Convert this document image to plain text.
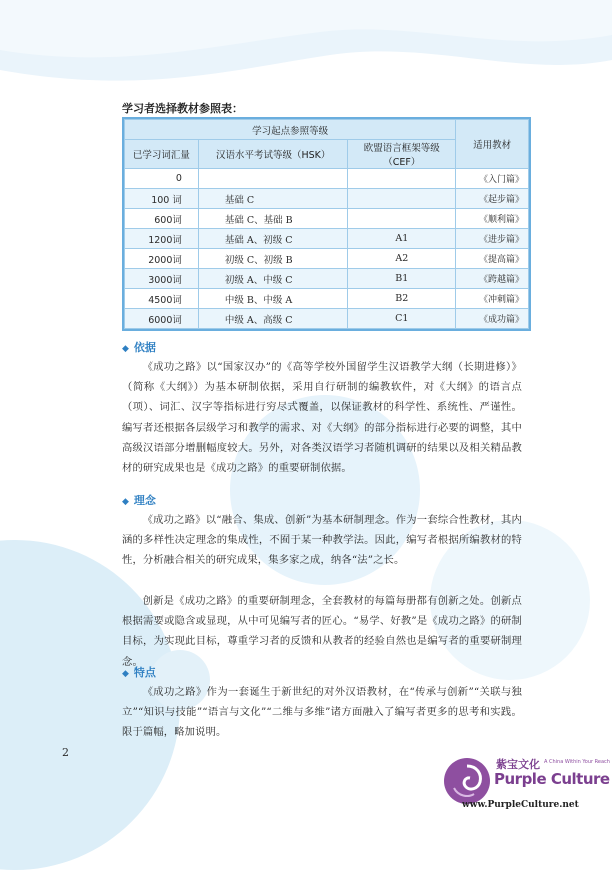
学习者选择教材参照表：
学习起点参照等级			适用教材
已学习词汇量	汉语水平考试等级（HSK）	欧盟语言框架等级（CEF）	
0			《入门篇》
100 词	基础 C		《起步篇》
600词	基础 C、基础 B		《顺利篇》
1200词	基础 A、初级 C	A1	《进步篇》
2000词	初级 C、初级 B	A2	《提高篇》
3000词	初级 A、中级 C	B1	《跨越篇》
4500词	中级 B、中级 A	B2	《冲刺篇》
6000词	中级 A、高级 C	C1	《成功篇》
◆ 依据

《成功之路》以“国家汉办”的《高等学校外国留学生汉语教学大纲（长期进修）》（简称《大纲》）为基本研制依据，采用自行研制的编教软件，对《大纲》的语言点（项）、词汇、汉字等指标进行穷尽式覆盖，以保证教材的科学性、系统性、严谨性。编写者还根据各层级学习和教学的需求、对《大纲》的部分指标进行必要的调整，其中高级汉语部分增删幅度较大。另外，对各类汉语学习者随机调研的结果以及相关精品教材的研究成果也是《成功之路》的重要研制依据。

◆ 理念

《成功之路》以“融合、集成、创新”为基本研制理念。作为一套综合性教材，其内涵的多样性决定理念的集成性，不囿于某一种教学法。因此，编写者根据所编教材的特性，分析融合相关的研究成果，集多家之成，纳各“法”之长。

创新是《成功之路》的重要研制理念，全套教材的每篇每册都有创新之处。创新点根据需要或隐含或显现，从中可见编写者的匠心。“易学、好教”是《成功之路》的研制目标，为实现此目标，尊重学习者的反馈和从教者的经验自然也是编写者的重要研制理念。

◆ 特点

《成功之路》作为一套诞生于新世纪的对外汉语教材，在“传承与创新”“关联与独立”“知识与技能”“语言与文化”“二维与多维”诸方面融入了编写者更多的思考和实践。限于篇幅，略加说明。

2
紫宝文化 A China Within Your Reach
Purple Culture
www.PurpleCulture.net
